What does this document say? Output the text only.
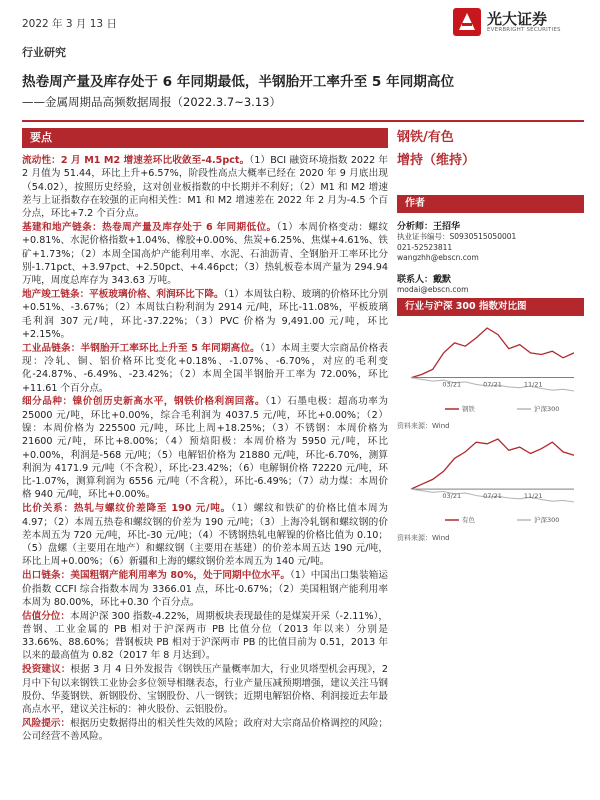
2022 年 3 月 13 日	光大证券
EVERBRIGHT SECURITIES
行业研究
热卷周产量及库存处于 6 年同期最低，半钢胎开工率升至 5 年同期高位
——金属周期品高频数据周报（2022.3.7~3.13）
要点

流动性：2 月 M1 M2 增速差环比收敛至-4.5pct。（1）BCI 融资环境指数 2022 年 2 月值为 51.44，环比上升+6.57%，阶段性高点大概率已经在 2020 年 9 月底出现（54.02），按照历史经验，这对创业板指数的中长期并不利好；（2）M1 和 M2 增速差与上证指数存在较强的正向相关性：M1 和 M2 增速差在 2022 年 2 月为-4.5 个百分点，环比+7.2 个百分点。

基建和地产链条：热卷周产量及库存处于 6 年同期低位。（1）本周价格变动：螺纹+0.81%、水泥价格指数+1.04%、橡胶+0.00%、焦炭+6.25%、焦煤+4.61%、铁矿+1.73%；（2）本周全国高炉产能利用率、水泥、石油沥青、全钢胎开工率环比分别-1.71pct、+3.97pct、+2.50pct、+4.46pct；（3）热轧板卷本周产量为 294.94 万吨，周度总库存为 343.63 万吨。

地产竣工链条：平板玻璃价格、利润环比下降。（1）本周钛白粉、玻璃的价格环比分别+0.51%、-3.67%；（2）本周钛白粉利润为 2914 元/吨，环比-11.08%，平板玻璃毛利润 307 元/吨，环比-37.22%；（3）PVC 价格为 9,491.00 元/吨，环比+2.15%。

工业品链条：半钢胎开工率环比上升至 5 年同期高位。（1）本周主要大宗商品价格表现：冷轧、铜、铝价格环比变化+0.18%、-1.07%、-6.70%，对应的毛利变化-24.87%、-6.49%、-23.42%；（2）本周全国半钢胎开工率为 72.00%，环比+11.61 个百分点。

细分品种：镍价创历史新高水平，钢铁价格利润回落。（1）石墨电极：超高功率为 25000 元/吨，环比+0.00%，综合毛利润为 4037.5 元/吨，环比+0.00%；（2）镍：本周价格为 225500 元/吨，环比上周+18.25%；（3）不锈钢：本周价格为 21600 元/吨，环比+8.00%；（4）预焙阳极：本周价格为 5950 元/吨，环比+0.00%，利润是-568 元/吨；（5）电解铝价格为 21880 元/吨，环比-6.70%，测算利润为 4171.9 元/吨（不含税），环比-23.42%；（6）电解铜价格 72220 元/吨，环比-1.07%，测算利润为 6556 元/吨（不含税），环比-6.49%；（7）动力煤：本周价格 940 元/吨，环比+0.00%。

比价关系：热轧与螺纹价差降至 190 元/吨。（1）螺纹和铁矿的价格比值本周为 4.97；（2）本周五热卷和螺纹钢的价差为 190 元/吨；（3）上海冷轧钢和螺纹钢的价差本周五为 720 元/吨，环比-30 元/吨；（4）不锈钢热轧电解镍的价格比值为 0.10；（5）盘螺（主要用在地产）和螺纹钢（主要用在基建）的价差本周五达 190 元/吨，环比上周+0.00%；（6）新疆和上海的螺纹钢价差本周五为 140 元/吨。

出口链条：美国粗钢产能利用率为 80%，处于同期中位水平。（1）中国出口集装箱运价指数 CCFI 综合指数本周为 3366.01 点，环比-0.67%；（2）美国粗钢产能利用率本周为 80.00%，环比+0.30 个百分点。

估值分位：本周沪深 300 指数-4.22%，周期板块表现最佳的是煤炭开采（-2.11%），普钢、工业金属的 PB 相对于沪深两市 PB 比值分位（2013 年以来）分别是 33.66%、88.60%；普钢板块 PB 相对于沪深两市 PB 的比值目前为 0.51，2013 年以来的最高值为 0.82（2017 年 8 月达到）。

投资建议：根据 3 月 4 日外发报告《钢铁压产量概率加大，行业贝塔型机会再现》，2 月中下旬以来钢铁工业协会多位领导相继表态，行业产量压减预期增强，建议关注马钢股份、华菱钢铁、新钢股份、宝钢股份、八一钢铁；近期电解铝价格、利润接近去年最高点水平，建议关注标的：神火股份、云铝股份。

风险提示：根据历史数据得出的相关性失效的风险；政府对大宗商品价格调控的风险；公司经营不善风险。

钢铁/有色
增持（维持）
作者
分析师：王招华
执业证书编号：S0930515050001
021-52523811
wangzhh@ebscn.com
联系人：戴默
modai@ebscn.com
行业与沪深 300 指数对比图
03/21	07/21	11/21
钢铁	沪深300
资料来源：Wind
03/21	07/21	11/21
有色	沪深300
资料来源：Wind
